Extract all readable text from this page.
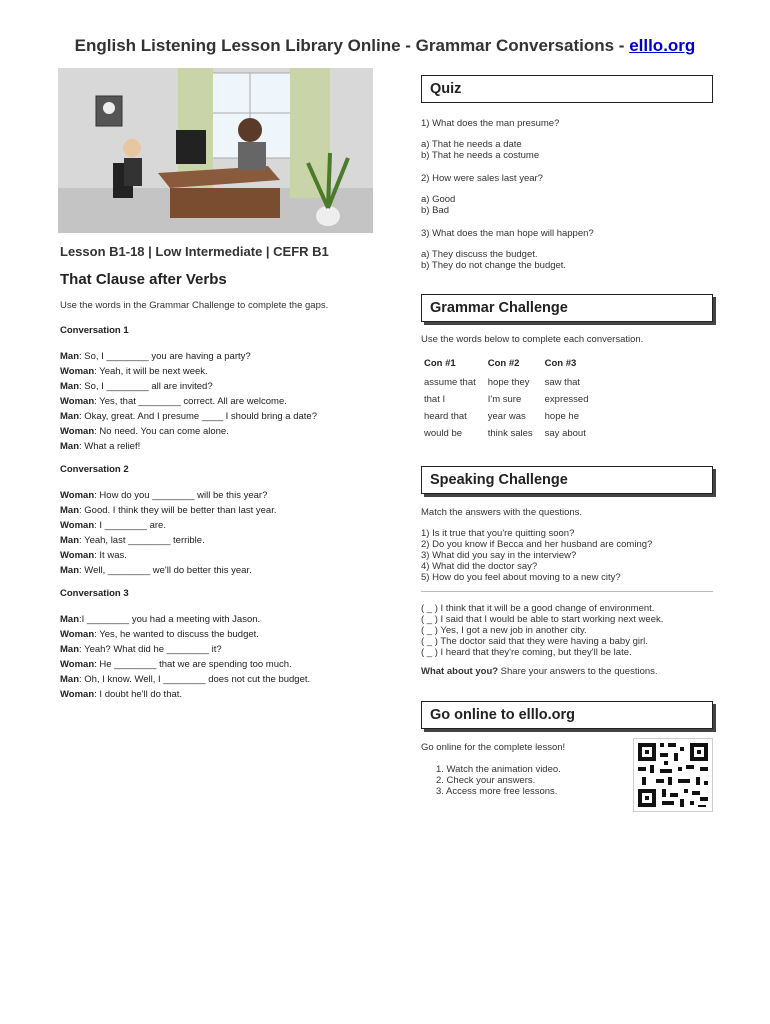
English Listening Lesson Library Online - Grammar Conversations - elllo.org
Lesson B1-18 | Low Intermediate | CEFR B1
That Clause after Verbs
Use the words in the Grammar Challenge to complete the gaps.
Conversation 1
Man: So, I ________ you are having a party?
Woman: Yeah, it will be next week.
Man: So, I ________ all are invited?
Woman: Yes, that ________ correct. All are welcome.
Man: Okay, great. And I presume ____ I should bring a date?
Woman: No need. You can come alone.
Man: What a relief!
Conversation 2
Woman: How do you ________ will be this year?
Man: Good. I think they will be better than last year.
Woman: I ________ are.
Man: Yeah, last ________ terrible.
Woman: It was.
Man: Well, ________ we'll do better this year.
Conversation 3
Man:I ________ you had a meeting with Jason.
Woman: Yes, he wanted to discuss the budget.
Man: Yeah? What did he ________ it?
Woman: He ________ that we are spending too much.
Man: Oh, I know. Well, I ________ does not cut the budget.
Woman: I doubt he'll do that.
Quiz
1) What does the man presume?
a) That he needs a date
b) That he needs a costume
2) How were sales last year?
a) Good
b) Bad
3) What does the man hope will happen?
a) They discuss the budget.
b) They do not change the budget.
Grammar Challenge
Use the words below to complete each conversation.
Con #1	Con #2	Con #3
assume that	hope they	saw that
that I	I'm sure	expressed
heard that	year was	hope he
would be	think sales	say about
Speaking Challenge
Match the answers with the questions.
1) Is it true that you're quitting soon?
2) Do you know if Becca and her husband are coming?
3) What did you say in the interview?
4) What did the doctor say?
5) How do you feel about moving to a new city?
( _ ) I think that it will be a good change of environment.
( _ ) I said that I would be able to start working next week.
( _ ) Yes, I got a new job in another city.
( _ ) The doctor said that they were having a baby girl.
( _ ) I heard that they're coming, but they'll be late.
What about you? Share your answers to the questions.
Go online to elllo.org
Go online for the complete lesson!
1. Watch the animation video.
2. Check your answers.
3. Access more free lessons.
